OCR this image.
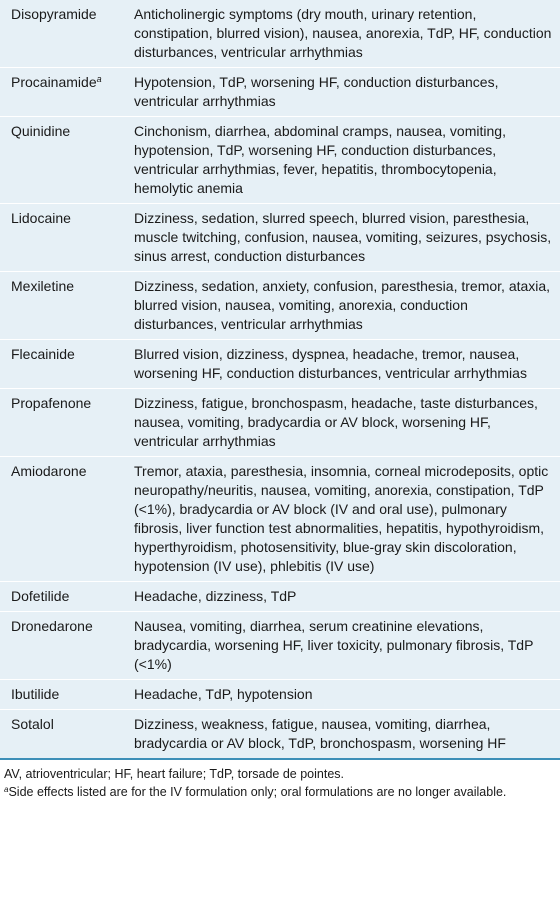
Disopyramide	Anticholinergic symptoms (dry mouth, urinary retention, constipation, blurred vision), nausea, anorexia, TdP, HF, conduction disturbances, ventricular arrhythmias
Procainamide$^a$	Hypotension, TdP, worsening HF, conduction disturbances, ventricular arrhythmias
Quinidine	Cinchonism, diarrhea, abdominal cramps, nausea, vomiting, hypotension, TdP, worsening HF, conduction disturbances, ventricular arrhythmias, fever, hepatitis, thrombocytopenia, hemolytic anemia
Lidocaine	Dizziness, sedation, slurred speech, blurred vision, paresthesia, muscle twitching, confusion, nausea, vomiting, seizures, psychosis, sinus arrest, conduction disturbances
Mexiletine	Dizziness, sedation, anxiety, confusion, paresthesia, tremor, ataxia, blurred vision, nausea, vomiting, anorexia, conduction disturbances, ventricular arrhythmias
Flecainide	Blurred vision, dizziness, dyspnea, headache, tremor, nausea, worsening HF, conduction disturbances, ventricular arrhythmias
Propafenone	Dizziness, fatigue, bronchospasm, headache, taste disturbances, nausea, vomiting, bradycardia or AV block, worsening HF, ventricular arrhythmias
Amiodarone	Tremor, ataxia, paresthesia, insomnia, corneal microdeposits, optic neuropathy/neuritis, nausea, vomiting, anorexia, constipation, TdP (<1%), bradycardia or AV block (IV and oral use), pulmonary fibrosis, liver function test abnormalities, hepatitis, hypothyroidism, hyperthyroidism, photosensitivity, blue-gray skin discoloration, hypotension (IV use), phlebitis (IV use)
Dofetilide	Headache, dizziness, TdP
Dronedarone	Nausea, vomiting, diarrhea, serum creatinine elevations, bradycardia, worsening HF, liver toxicity, pulmonary fibrosis, TdP (<1%)
Ibutilide	Headache, TdP, hypotension
Sotalol	Dizziness, weakness, fatigue, nausea, vomiting, diarrhea, bradycardia or AV block, TdP, bronchospasm, worsening HF

AV, atrioventricular; HF, heart failure; TdP, torsade de pointes.

$^a$Side effects listed are for the IV formulation only; oral formulations are no longer available.
